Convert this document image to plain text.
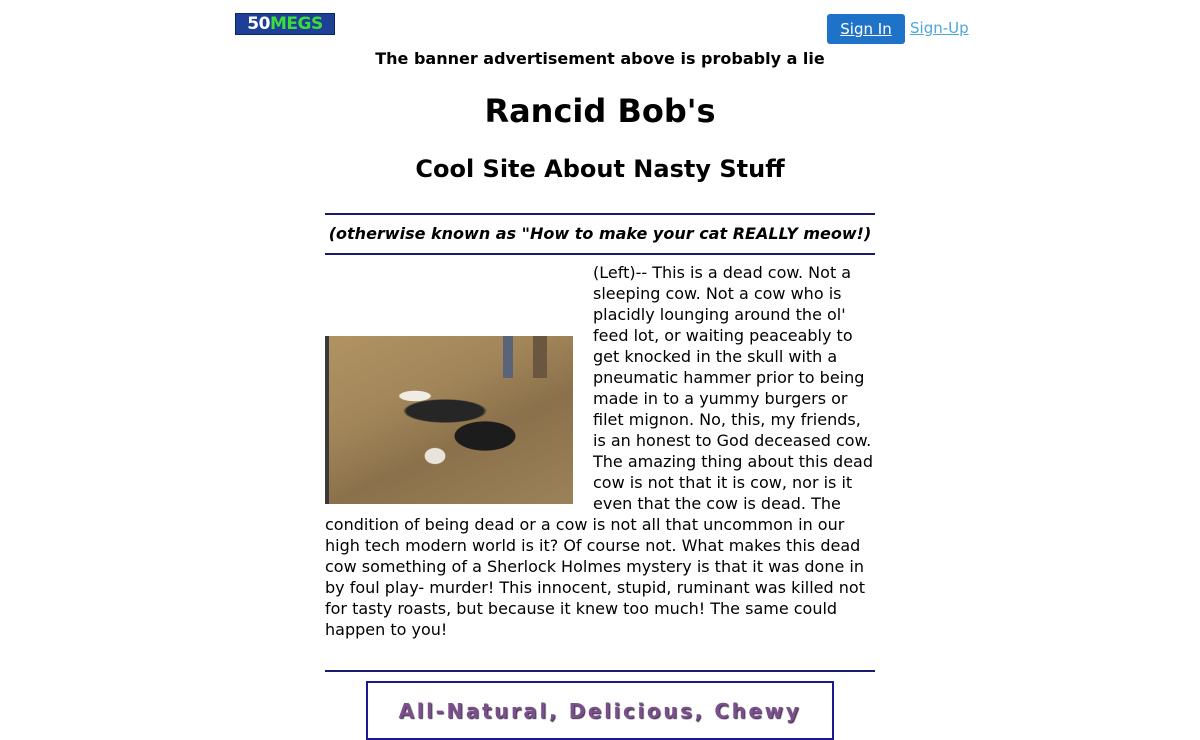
50 MEGS	Sign In	Sign-Up
The banner advertisement above is probably a lie
Rancid Bob's
Cool Site About Nasty Stuff
(otherwise known as "How to make your cat REALLY meow!)

(Left)-- This is a dead cow. Not a sleeping cow. Not a cow who is placidly lounging around the ol' feed lot, or waiting peaceably to get knocked in the skull with a pneumatic hammer prior to being made in to a yummy burgers or filet mignon. No, this, my friends, is an honest to God deceased cow. The amazing thing about this dead cow is not that it is cow, nor is it even that the cow is dead. The condition of being dead or a cow is not all that uncommon in our high tech modern world is it? Of course not. What makes this dead cow something of a Sherlock Holmes mystery is that it was done in by foul play- murder! This innocent, stupid, ruminant was killed not for tasty roasts, but because it knew too much! The same could happen to you!

All-Natural, Delicious, Chewy
